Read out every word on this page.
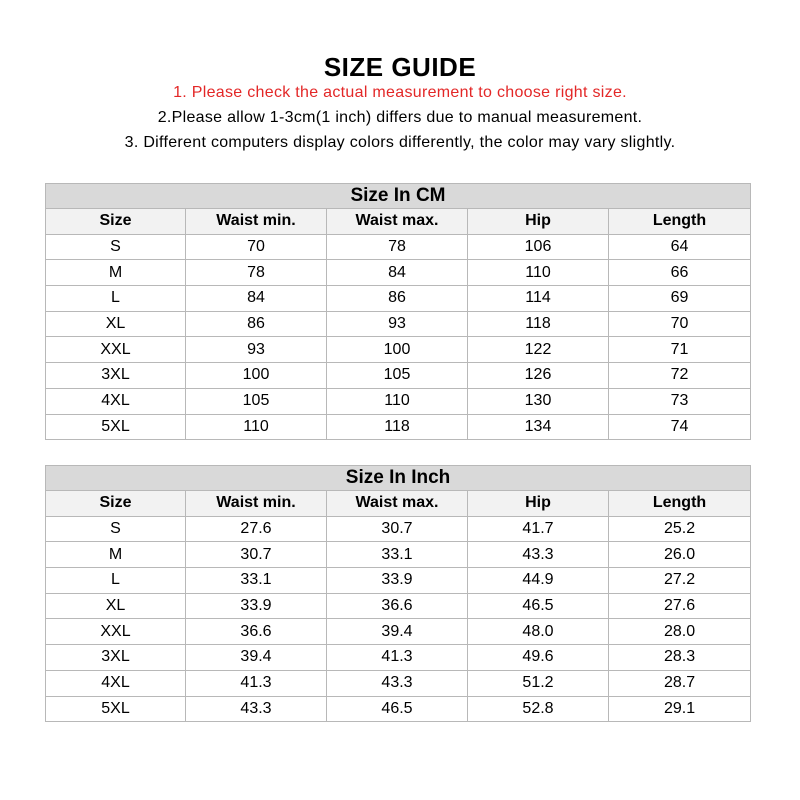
SIZE GUIDE
1. Please check the actual measurement to choose right size.
2.Please allow 1-3cm(1 inch) differs due to manual measurement.
3. Different computers display colors differently, the color may vary slightly.
Size In CM				
Size	Waist min.	Waist max.	Hip	Length
S	70	78	106	64
M	78	84	110	66
L	84	86	114	69
XL	86	93	118	70
XXL	93	100	122	71
3XL	100	105	126	72
4XL	105	110	130	73
5XL	110	118	134	74
Size In Inch				
Size	Waist min.	Waist max.	Hip	Length
S	27.6	30.7	41.7	25.2
M	30.7	33.1	43.3	26.0
L	33.1	33.9	44.9	27.2
XL	33.9	36.6	46.5	27.6
XXL	36.6	39.4	48.0	28.0
3XL	39.4	41.3	49.6	28.3
4XL	41.3	43.3	51.2	28.7
5XL	43.3	46.5	52.8	29.1
